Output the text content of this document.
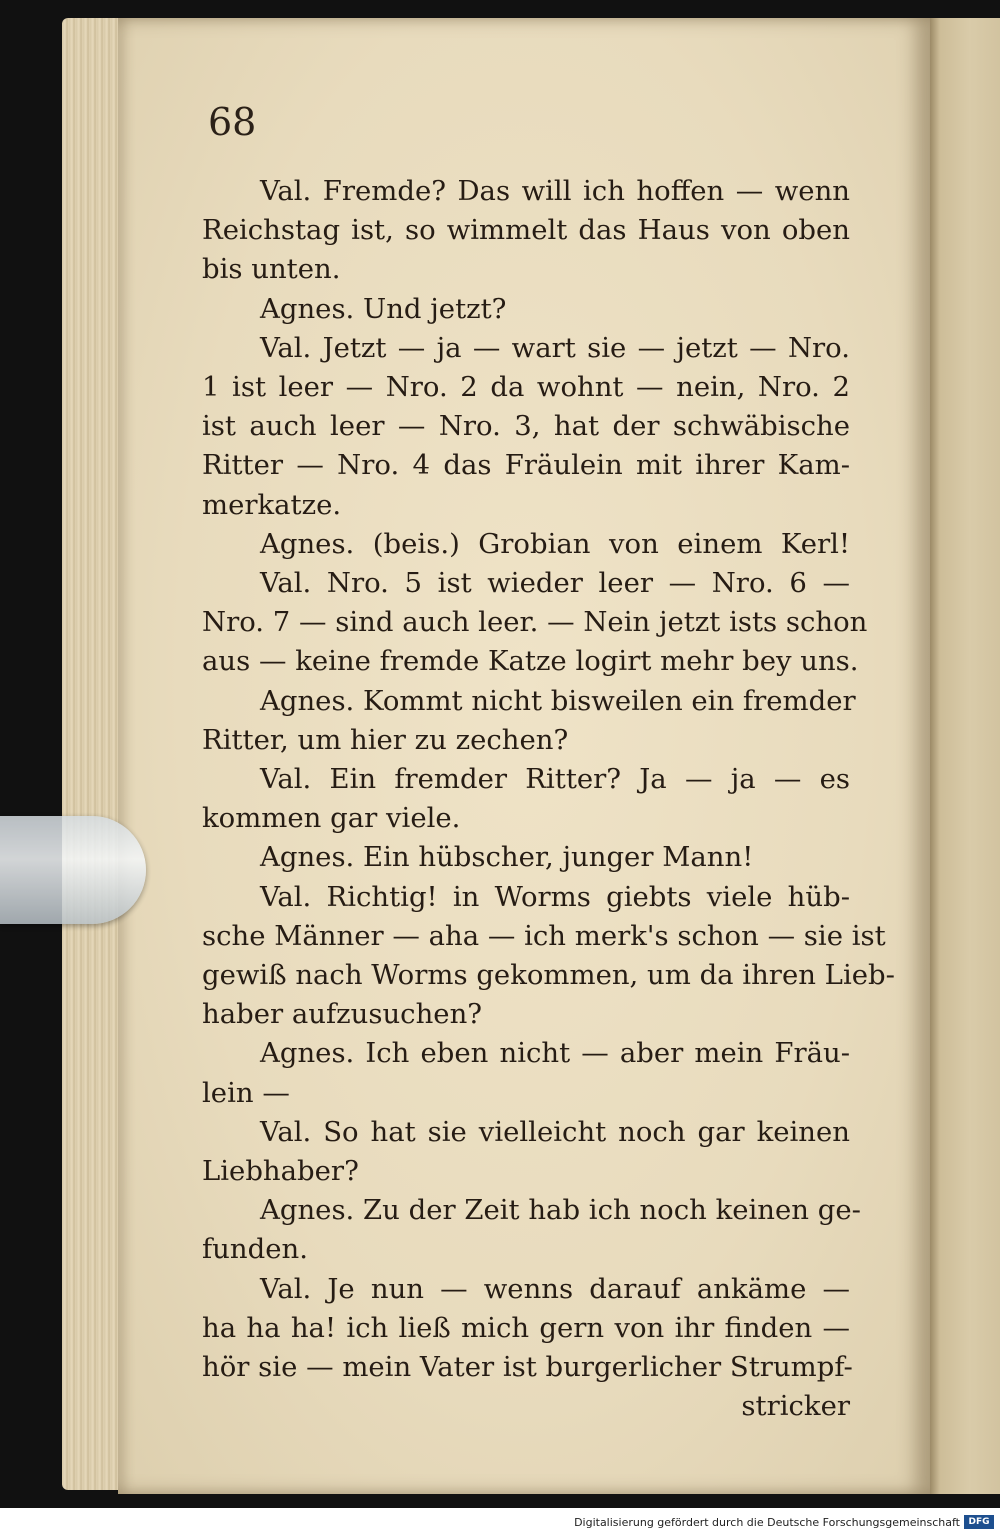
68
Val. Fremde? Das will ich hoffen — wenn
Reichstag ist, so wimmelt das Haus von oben
bis unten.
Agnes. Und jetzt?
Val. Jetzt — ja — wart sie — jetzt — Nro.
1 ist leer — Nro. 2 da wohnt — nein, Nro. 2
ist auch leer — Nro. 3, hat der schwäbische
Ritter — Nro. 4 das Fräulein mit ihrer Kam-
merkatze.
Agnes. (beis.) Grobian von einem Kerl!
Val. Nro. 5 ist wieder leer — Nro. 6 —
Nro. 7 — sind auch leer. — Nein jetzt ists schon
aus — keine fremde Katze logirt mehr bey uns.
Agnes. Kommt nicht bisweilen ein fremder
Ritter, um hier zu zechen?
Val. Ein fremder Ritter? Ja — ja — es
kommen gar viele.
Agnes. Ein hübscher, junger Mann!
Val. Richtig! in Worms giebts viele hüb-
sche Männer — aha — ich merk's schon — sie ist
gewiß nach Worms gekommen, um da ihren Lieb-
haber aufzusuchen?
Agnes. Ich eben nicht — aber mein Fräu-
lein —
Val. So hat sie vielleicht noch gar keinen
Liebhaber?
Agnes. Zu der Zeit hab ich noch keinen ge-
funden.
Val. Je nun — wenns darauf ankäme —
ha ha ha! ich ließ mich gern von ihr finden —
hör sie — mein Vater ist burgerlicher Strumpf-
stricker
Digitalisierung gefördert durch die Deutsche Forschungsgemeinschaft DFG
